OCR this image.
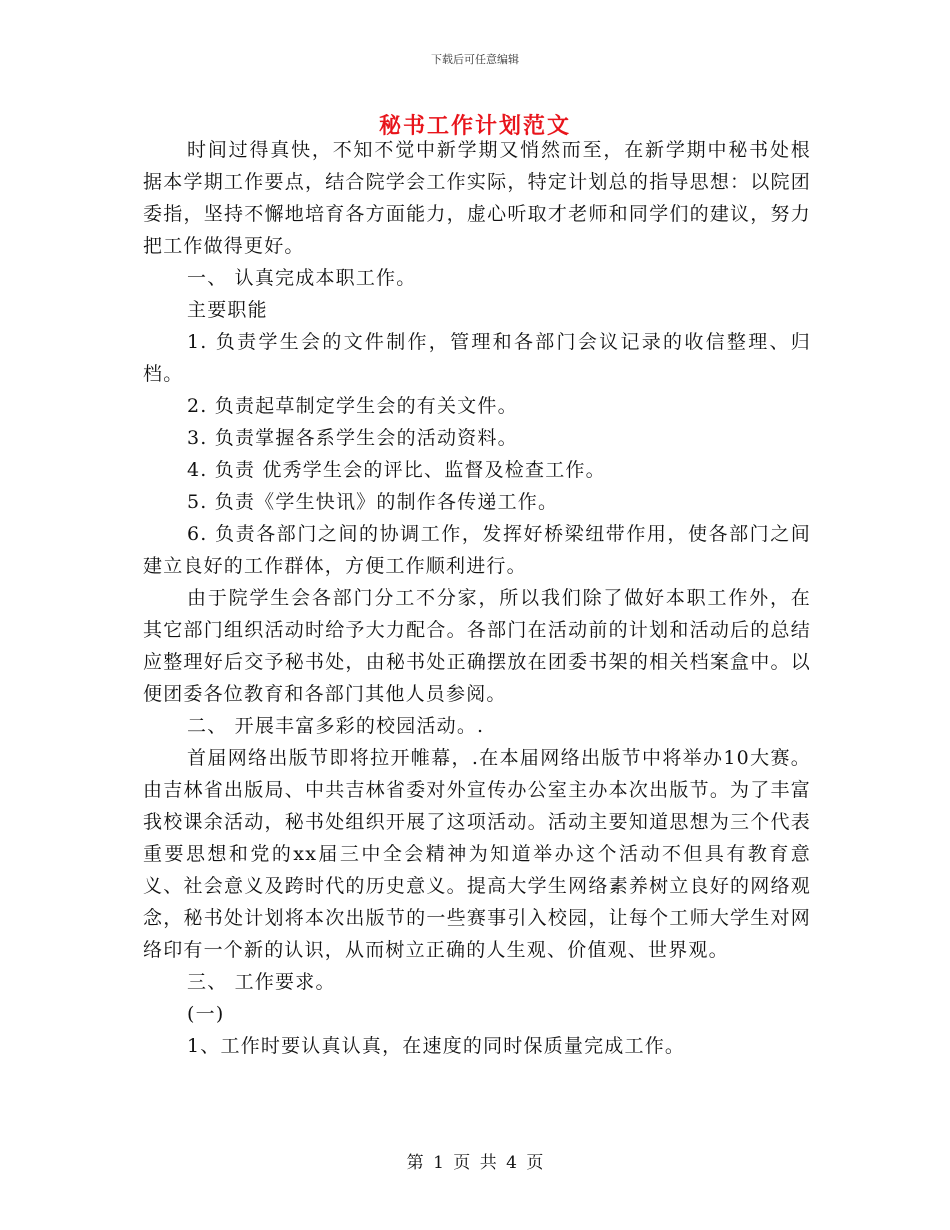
下载后可任意编辑
秘书工作计划范文

时间过得真快，不知不觉中新学期又悄然而至，在新学期中秘书处根据本学期工作要点，结合院学会工作实际，特定计划总的指导思想：以院团委指，坚持不懈地培育各方面能力，虚心听取才老师和同学们的建议，努力把工作做得更好。

一、 认真完成本职工作。

主要职能

1. 负责学生会的文件制作，管理和各部门会议记录的收信整理、归档。

2. 负责起草制定学生会的有关文件。

3. 负责掌握各系学生会的活动资料。

4. 负责 优秀学生会的评比、监督及检查工作。

5. 负责《学生快讯》的制作各传递工作。

6. 负责各部门之间的协调工作，发挥好桥梁纽带作用，使各部门之间建立良好的工作群体，方便工作顺利进行。

由于院学生会各部门分工不分家，所以我们除了做好本职工作外，在其它部门组织活动时给予大力配合。各部门在活动前的计划和活动后的总结应整理好后交予秘书处，由秘书处正确摆放在团委书架的相关档案盒中。以便团委各位教育和各部门其他人员参阅。

二、 开展丰富多彩的校园活动。.

首届网络出版节即将拉开帷幕，.在本届网络出版节中将举办10大赛。由吉林省出版局、中共吉林省委对外宣传办公室主办本次出版节。为了丰富我校课余活动，秘书处组织开展了这项活动。活动主要知道思想为三个代表重要思想和党的xx届三中全会精神为知道举办这个活动不但具有教育意义、社会意义及跨时代的历史意义。提高大学生网络素养树立良好的网络观念，秘书处计划将本次出版节的一些赛事引入校园，让每个工师大学生对网络印有一个新的认识，从而树立正确的人生观、价值观、世界观。

三、 工作要求。

(一)

1、工作时要认真认真，在速度的同时保质量完成工作。

第 1 页 共 4 页
